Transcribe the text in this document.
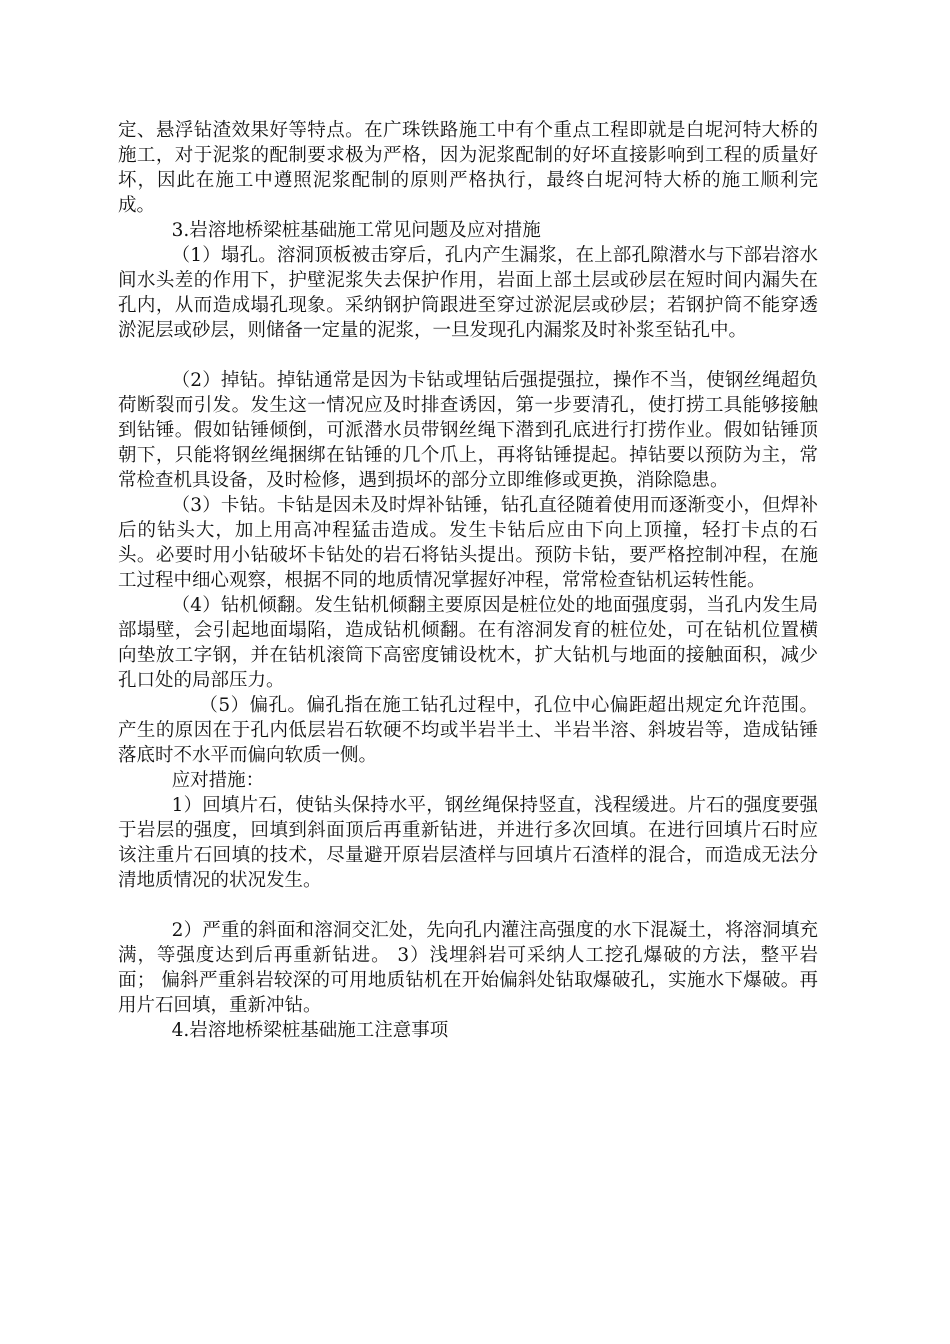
定、悬浮钻渣效果好等特点。在广珠铁路施工中有个重点工程即就是白坭河特大桥的施工，对于泥浆的配制要求极为严格，因为泥浆配制的好坏直接影响到工程的质量好坏，因此在施工中遵照泥浆配制的原则严格执行，最终白坭河特大桥的施工顺利完成。

3.岩溶地桥梁桩基础施工常见问题及应对措施

（1）塌孔。溶洞顶板被击穿后，孔内产生漏浆，在上部孔隙潜水与下部岩溶水间水头差的作用下，护壁泥浆失去保护作用，岩面上部土层或砂层在短时间内漏失在孔内，从而造成塌孔现象。采纳钢护筒跟进至穿过淤泥层或砂层；若钢护筒不能穿透淤泥层或砂层，则储备一定量的泥浆，一旦发现孔内漏浆及时补浆至钻孔中。

（2）掉钻。掉钻通常是因为卡钻或埋钻后强提强拉，操作不当，使钢丝绳超负荷断裂而引发。发生这一情况应及时排查诱因，第一步要清孔，使打捞工具能够接触到钻锤。假如钻锤倾倒，可派潜水员带钢丝绳下潜到孔底进行打捞作业。假如钻锤顶朝下，只能将钢丝绳捆绑在钻锤的几个爪上，再将钻锤提起。掉钻要以预防为主，常常检查机具设备，及时检修，遇到损坏的部分立即维修或更换，消除隐患。

（3）卡钻。卡钻是因未及时焊补钻锤，钻孔直径随着使用而逐渐变小，但焊补后的钻头大，加上用高冲程猛击造成。发生卡钻后应由下向上顶撞，轻打卡点的石头。必要时用小钻破坏卡钻处的岩石将钻头提出。预防卡钻，要严格控制冲程，在施工过程中细心观察，根据不同的地质情况掌握好冲程，常常检查钻机运转性能。

（4）钻机倾翻。发生钻机倾翻主要原因是桩位处的地面强度弱，当孔内发生局部塌壁，会引起地面塌陷，造成钻机倾翻。在有溶洞发育的桩位处，可在钻机位置横向垫放工字钢，并在钻机滚筒下高密度铺设枕木，扩大钻机与地面的接触面积，减少孔口处的局部压力。

（5）偏孔。偏孔指在施工钻孔过程中，孔位中心偏距超出规定允许范围。产生的原因在于孔内低层岩石软硬不均或半岩半土、半岩半溶、斜坡岩等，造成钻锤落底时不水平而偏向软质一侧。

应对措施：

1）回填片石，使钻头保持水平，钢丝绳保持竖直，浅程缓进。片石的强度要强于岩层的强度，回填到斜面顶后再重新钻进，并进行多次回填。在进行回填片石时应该注重片石回填的技术，尽量避开原岩层渣样与回填片石渣样的混合，而造成无法分清地质情况的状况发生。

2）严重的斜面和溶洞交汇处，先向孔内灌注高强度的水下混凝土，将溶洞填充满，等强度达到后再重新钻进。 3）浅埋斜岩可采纳人工挖孔爆破的方法，整平岩面； 偏斜严重斜岩较深的可用地质钻机在开始偏斜处钻取爆破孔，实施水下爆破。再用片石回填，重新冲钻。

4.岩溶地桥梁桩基础施工注意事项
